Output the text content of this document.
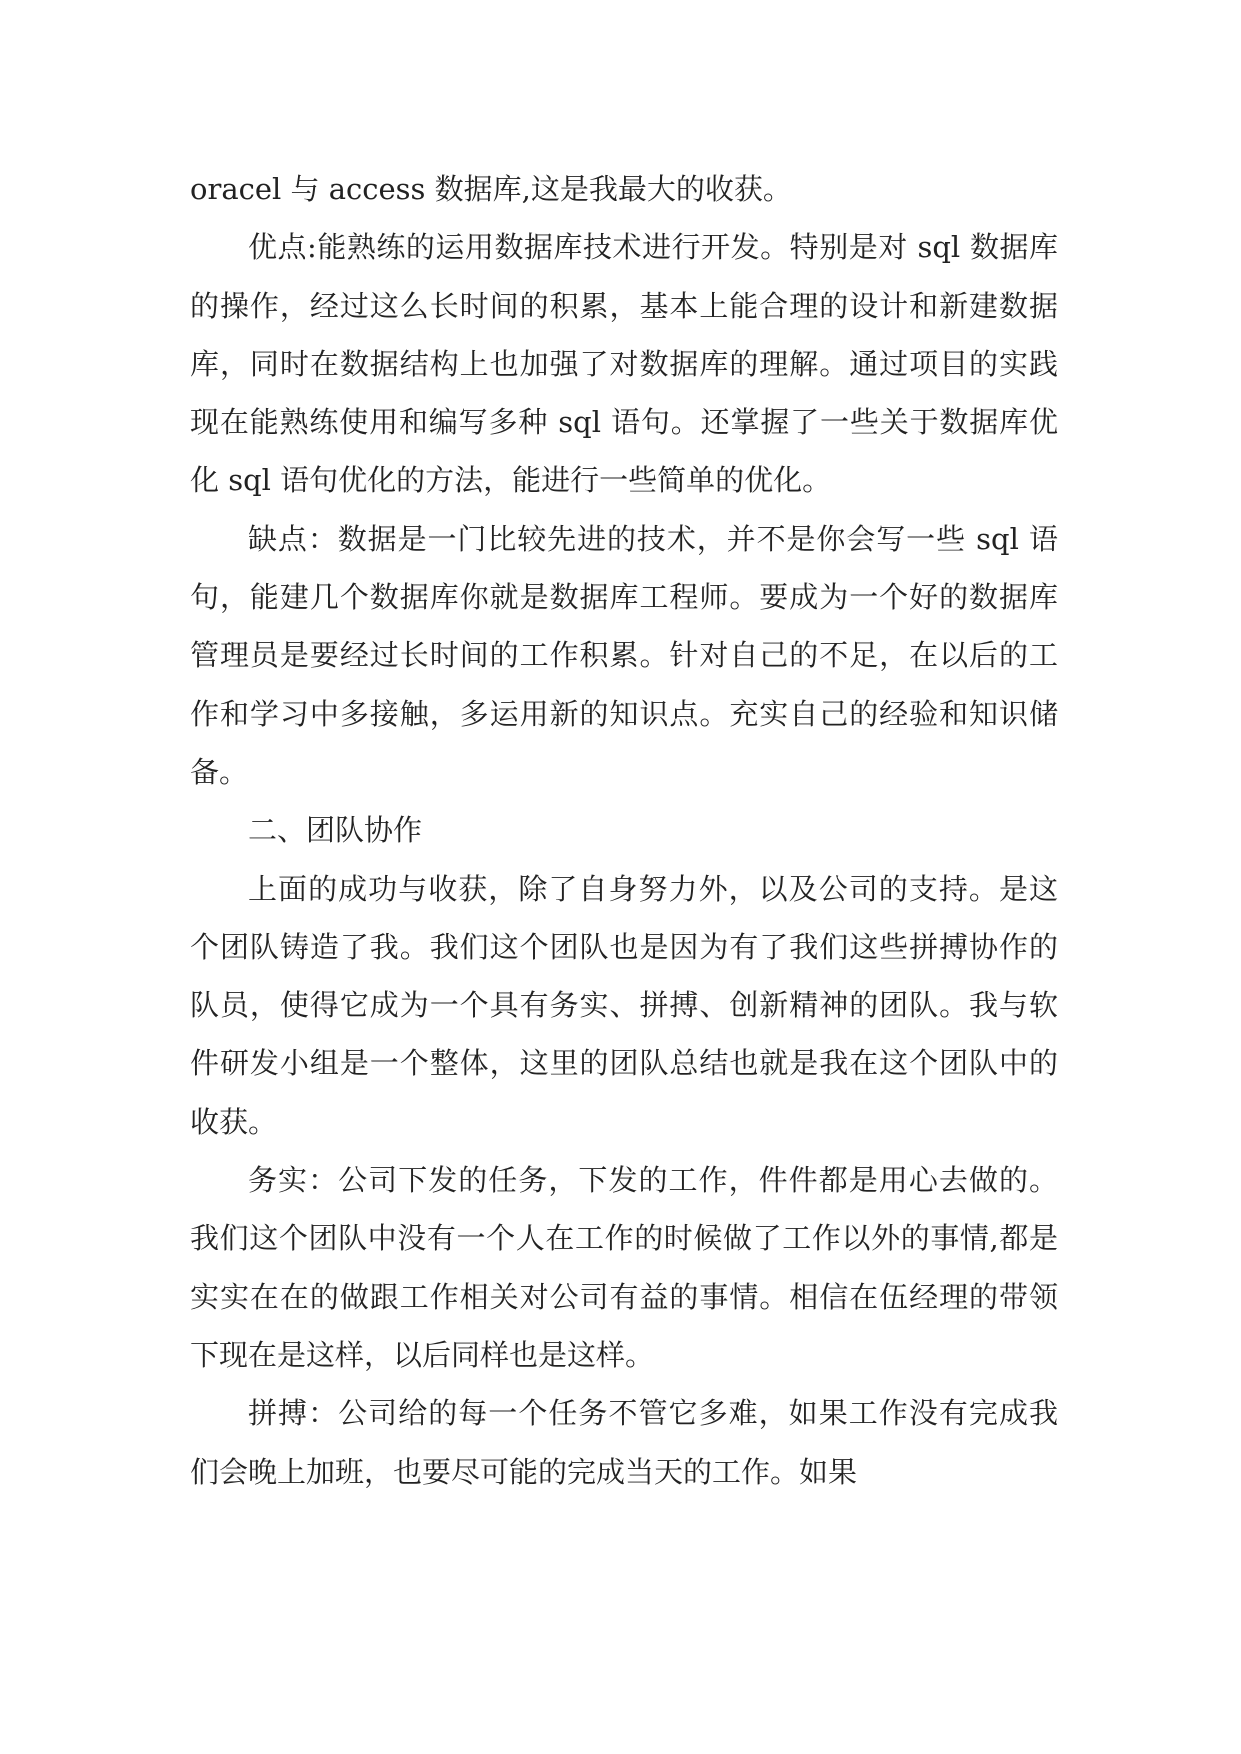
oracel 与 access 数据库,这是我最大的收获。

优点:能熟练的运用数据库技术进行开发。特别是对 sql 数据库的操作，经过这么长时间的积累，基本上能合理的设计和新建数据库，同时在数据结构上也加强了对数据库的理解。通过项目的实践现在能熟练使用和编写多种 sql 语句。还掌握了一些关于数据库优化 sql 语句优化的方法，能进行一些简单的优化。

缺点：数据是一门比较先进的技术，并不是你会写一些 sql 语句，能建几个数据库你就是数据库工程师。要成为一个好的数据库管理员是要经过长时间的工作积累。针对自己的不足，在以后的工作和学习中多接触，多运用新的知识点。充实自己的经验和知识储备。

二、团队协作

上面的成功与收获，除了自身努力外，以及公司的支持。是这个团队铸造了我。我们这个团队也是因为有了我们这些拼搏协作的队员，使得它成为一个具有务实、拼搏、创新精神的团队。我与软件研发小组是一个整体，这里的团队总结也就是我在这个团队中的收获。

务实：公司下发的任务，下发的工作，件件都是用心去做的。我们这个团队中没有一个人在工作的时候做了工作以外的事情,都是实实在在的做跟工作相关对公司有益的事情。相信在伍经理的带领下现在是这样，以后同样也是这样。

拼搏：公司给的每一个任务不管它多难，如果工作没有完成我们会晚上加班，也要尽可能的完成当天的工作。如果
